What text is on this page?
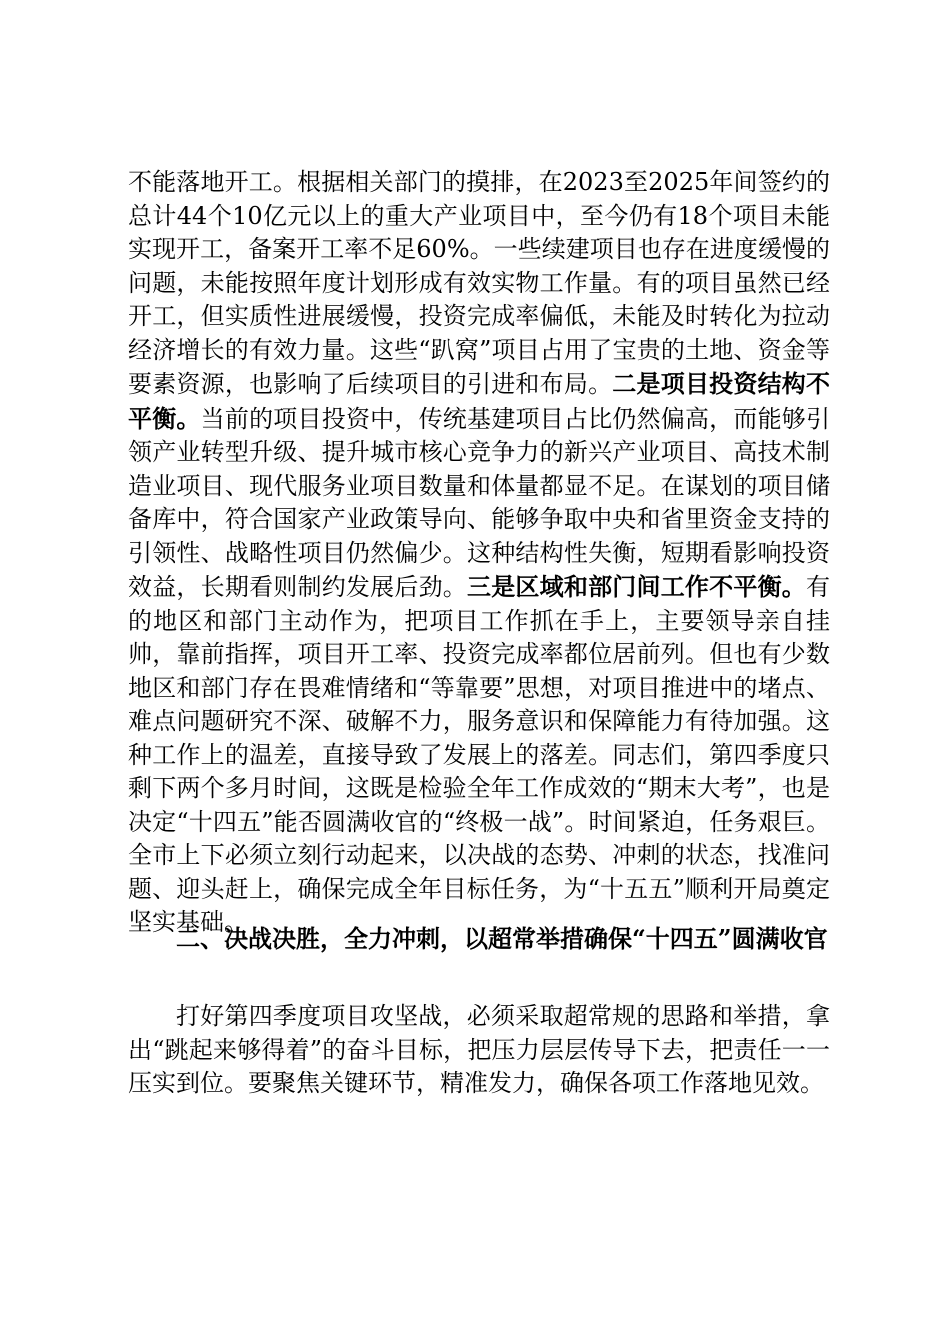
不能落地开工。根据相关部门的摸排，在2023至2025年间签约的总计44个10亿元以上的重大产业项目中，至今仍有18个项目未能实现开工，备案开工率不足60%。一些续建项目也存在进度缓慢的问题，未能按照年度计划形成有效实物工作量。有的项目虽然已经开工，但实质性进展缓慢，投资完成率偏低，未能及时转化为拉动经济增长的有效力量。这些“趴窝”项目占用了宝贵的土地、资金等要素资源，也影响了后续项目的引进和布局。二是项目投资结构不平衡。当前的项目投资中，传统基建项目占比仍然偏高，而能够引领产业转型升级、提升城市核心竞争力的新兴产业项目、高技术制造业项目、现代服务业项目数量和体量都显不足。在谋划的项目储备库中，符合国家产业政策导向、能够争取中央和省里资金支持的引领性、战略性项目仍然偏少。这种结构性失衡，短期看影响投资效益，长期看则制约发展后劲。三是区域和部门间工作不平衡。有的地区和部门主动作为，把项目工作抓在手上，主要领导亲自挂帅，靠前指挥，项目开工率、投资完成率都位居前列。但也有少数地区和部门存在畏难情绪和“等靠要”思想，对项目推进中的堵点、难点问题研究不深、破解不力，服务意识和保障能力有待加强。这种工作上的温差，直接导致了发展上的落差。同志们，第四季度只剩下两个多月时间，这既是检验全年工作成效的“期末大考”，也是决定“十四五”能否圆满收官的“终极一战”。时间紧迫，任务艰巨。全市上下必须立刻行动起来，以决战的态势、冲刺的状态，找准问题、迎头赶上，确保完成全年目标任务，为“十五五”顺利开局奠定坚实基础。

二、决战决胜，全力冲刺，以超常举措确保“十四五”圆满收官

打好第四季度项目攻坚战，必须采取超常规的思路和举措，拿出“跳起来够得着”的奋斗目标，把压力层层传导下去，把责任一一压实到位。要聚焦关键环节，精准发力，确保各项工作落地见效。
